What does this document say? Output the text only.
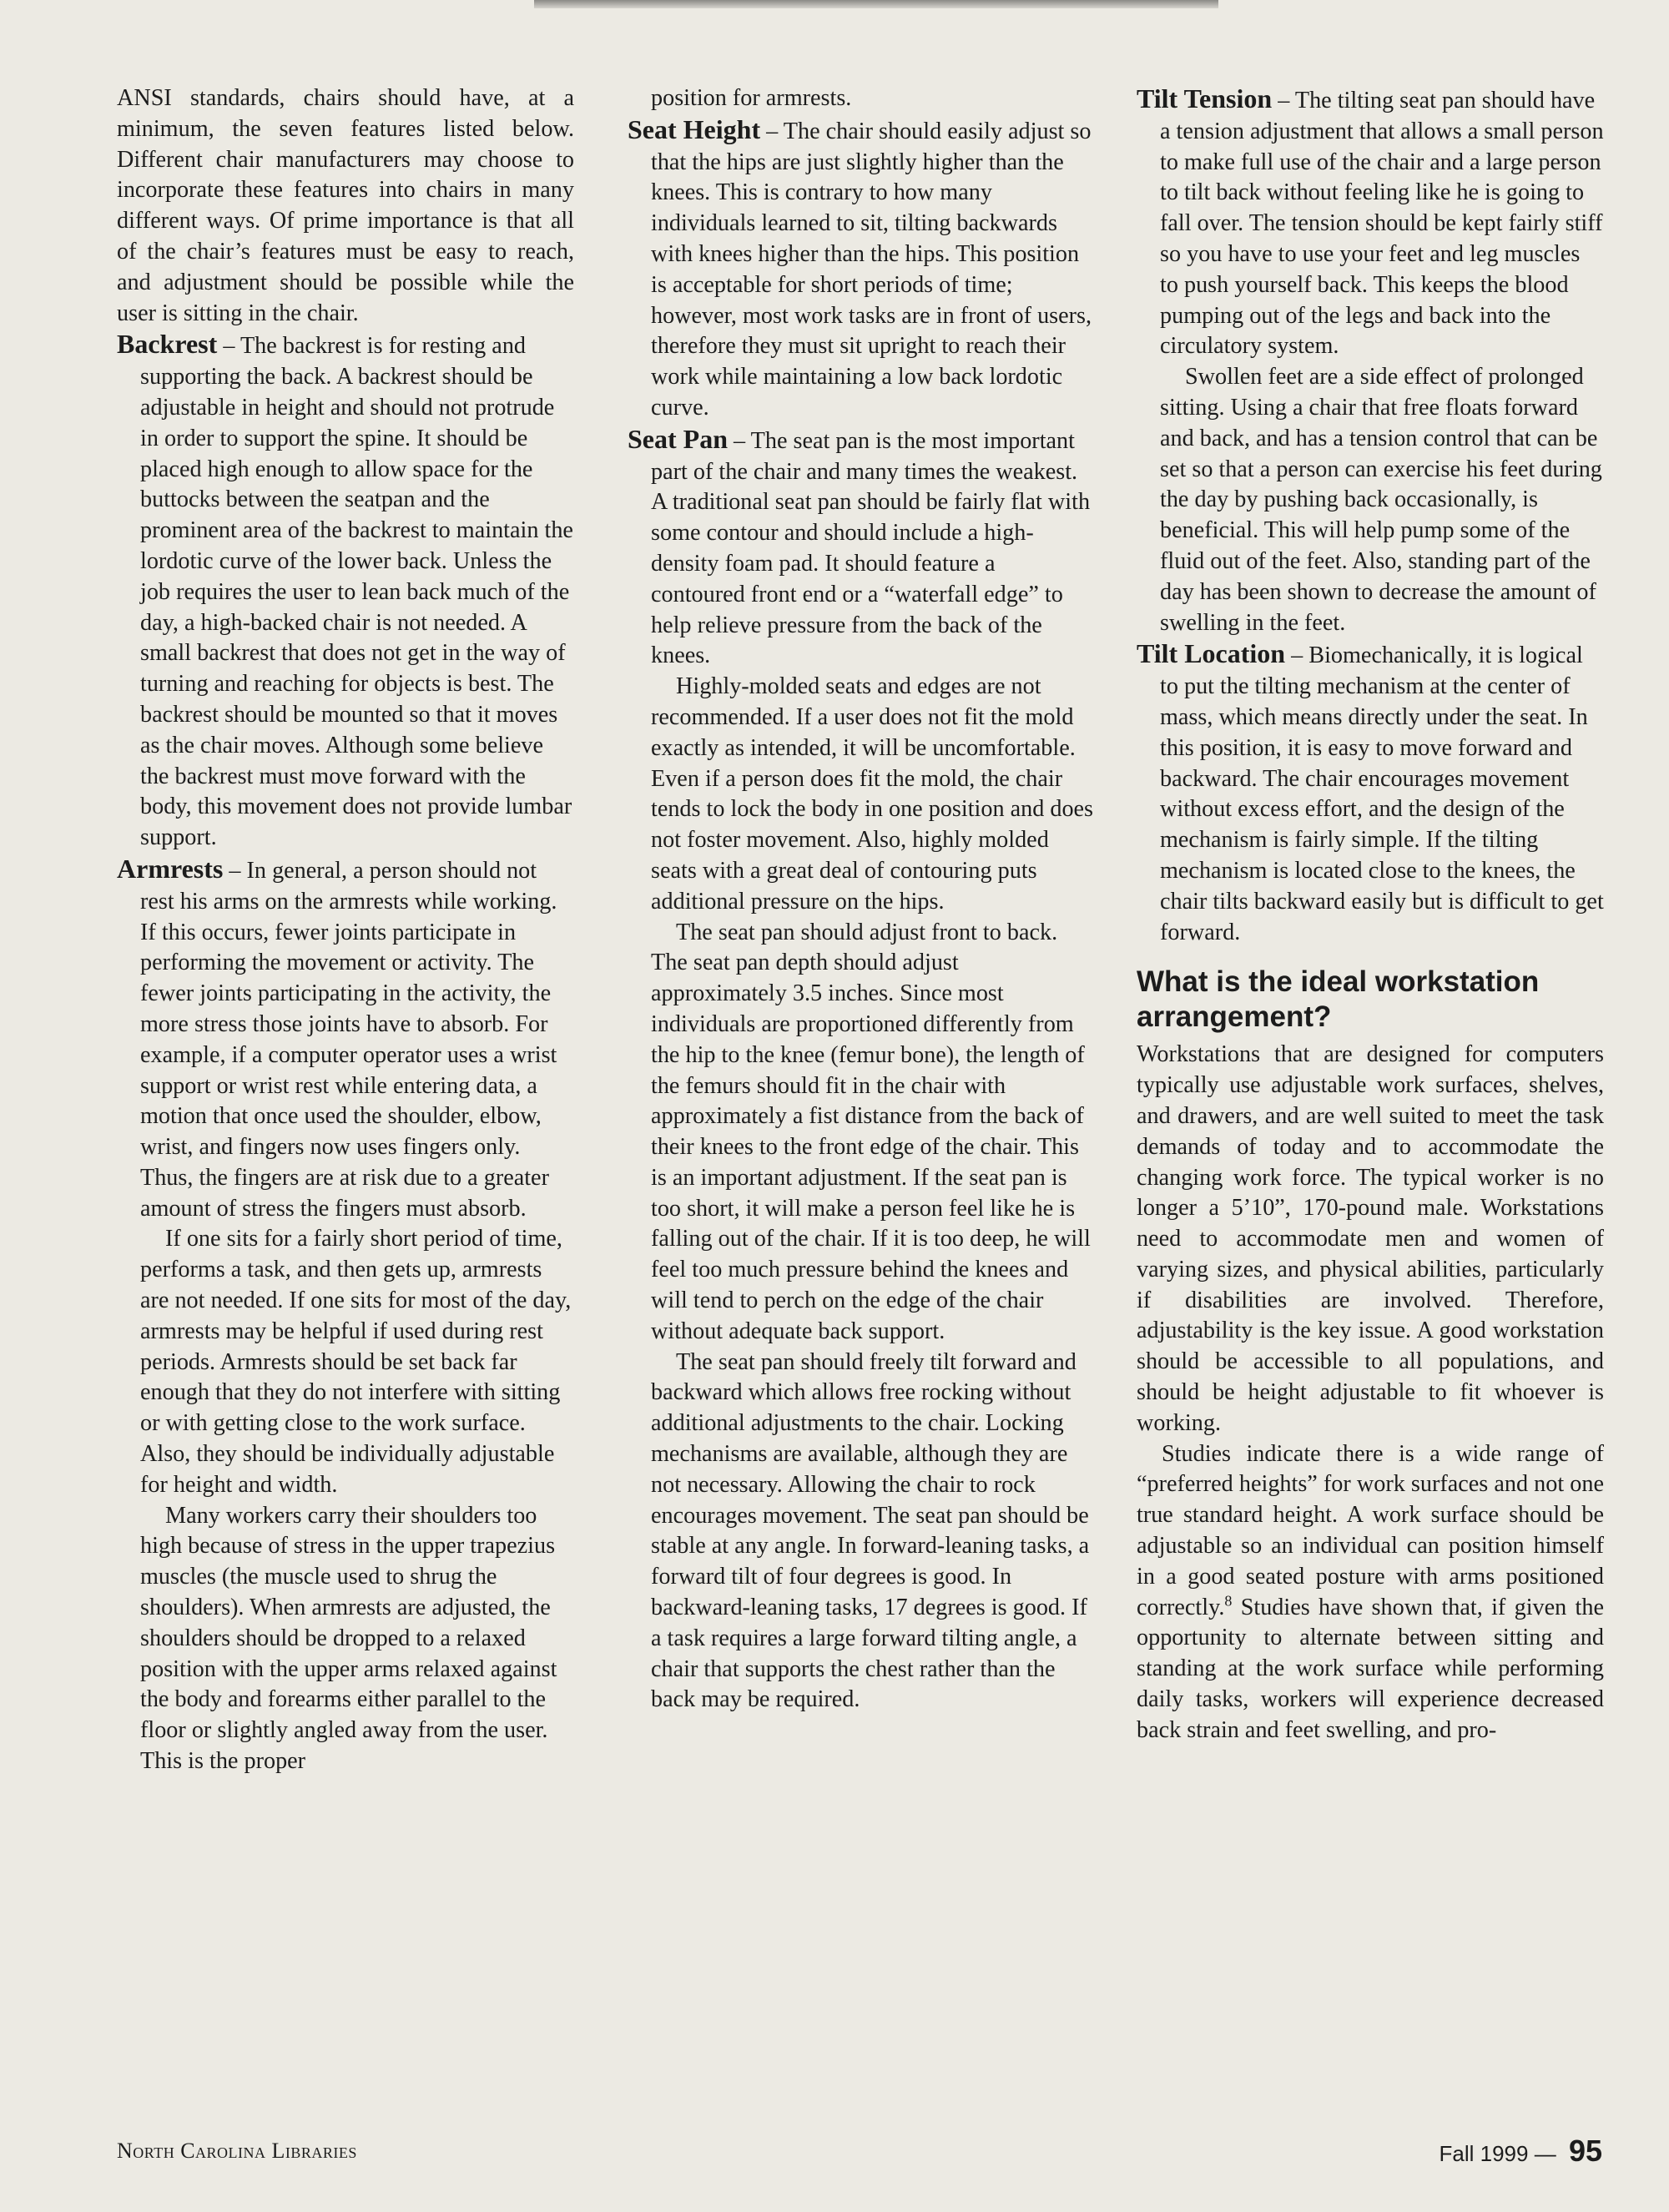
ANSI standards, chairs should have, at a minimum, the seven features listed below. Different chair manufacturers may choose to incorporate these features into chairs in many different ways. Of prime importance is that all of the chair’s features must be easy to reach, and adjustment should be possible while the user is sitting in the chair.

Backrest – The backrest is for resting and supporting the back. A backrest should be adjustable in height and should not protrude in order to support the spine. It should be placed high enough to allow space for the buttocks between the seatpan and the prominent area of the backrest to maintain the lordotic curve of the lower back. Unless the job requires the user to lean back much of the day, a high-backed chair is not needed. A small backrest that does not get in the way of turning and reaching for objects is best. The backrest should be mounted so that it moves as the chair moves. Although some believe the backrest must move forward with the body, this movement does not provide lumbar support.

Armrests – In general, a person should not rest his arms on the armrests while working. If this occurs, fewer joints participate in performing the movement or activity. The fewer joints participating in the activity, the more stress those joints have to absorb. For example, if a computer operator uses a wrist support or wrist rest while entering data, a motion that once used the shoulder, elbow, wrist, and fingers now uses fingers only. Thus, the fingers are at risk due to a greater amount of stress the fingers must absorb.

If one sits for a fairly short period of time, performs a task, and then gets up, armrests are not needed. If one sits for most of the day, armrests may be helpful if used during rest periods. Armrests should be set back far enough that they do not interfere with sitting or with getting close to the work surface. Also, they should be individually adjustable for height and width.

Many workers carry their shoulders too high because of stress in the upper trapezius muscles (the muscle used to shrug the shoulders). When armrests are adjusted, the shoulders should be dropped to a relaxed position with the upper arms relaxed against the body and forearms either parallel to the floor or slightly angled away from the user. This is the proper

position for armrests.

Seat Height – The chair should easily adjust so that the hips are just slightly higher than the knees. This is contrary to how many individuals learned to sit, tilting backwards with knees higher than the hips. This position is acceptable for short periods of time; however, most work tasks are in front of users, therefore they must sit upright to reach their work while maintaining a low back lordotic curve.

Seat Pan – The seat pan is the most important part of the chair and many times the weakest. A traditional seat pan should be fairly flat with some contour and should include a high-density foam pad. It should feature a contoured front end or a “waterfall edge” to help relieve pressure from the back of the knees.

Highly-molded seats and edges are not recommended. If a user does not fit the mold exactly as intended, it will be uncomfortable. Even if a person does fit the mold, the chair tends to lock the body in one position and does not foster movement. Also, highly molded seats with a great deal of contouring puts additional pressure on the hips.

The seat pan should adjust front to back. The seat pan depth should adjust approximately 3.5 inches. Since most individuals are proportioned differently from the hip to the knee (femur bone), the length of the femurs should fit in the chair with approximately a fist distance from the back of their knees to the front edge of the chair. This is an important adjustment. If the seat pan is too short, it will make a person feel like he is falling out of the chair. If it is too deep, he will feel too much pressure behind the knees and will tend to perch on the edge of the chair without adequate back support.

The seat pan should freely tilt forward and backward which allows free rocking without additional adjustments to the chair. Locking mechanisms are available, although they are not necessary. Allowing the chair to rock encourages movement. The seat pan should be stable at any angle. In forward-leaning tasks, a forward tilt of four degrees is good. In backward-leaning tasks, 17 degrees is good. If a task requires a large forward tilting angle, a chair that supports the chest rather than the back may be required.

Tilt Tension – The tilting seat pan should have a tension adjustment that allows a small person to make full use of the chair and a large person to tilt back without feeling like he is going to fall over. The tension should be kept fairly stiff so you have to use your feet and leg muscles to push yourself back. This keeps the blood pumping out of the legs and back into the circulatory system.

Swollen feet are a side effect of prolonged sitting. Using a chair that free floats forward and back, and has a tension control that can be set so that a person can exercise his feet during the day by pushing back occasionally, is beneficial. This will help pump some of the fluid out of the feet. Also, standing part of the day has been shown to decrease the amount of swelling in the feet.

Tilt Location – Biomechanically, it is logical to put the tilting mechanism at the center of mass, which means directly under the seat. In this position, it is easy to move forward and backward. The chair encourages movement without excess effort, and the design of the mechanism is fairly simple. If the tilting mechanism is located close to the knees, the chair tilts backward easily but is difficult to get forward.

What is the ideal workstation arrangement?

Workstations that are designed for computers typically use adjustable work surfaces, shelves, and drawers, and are well suited to meet the task demands of today and to accommodate the changing work force. The typical worker is no longer a 5’10”, 170-pound male. Workstations need to accommodate men and women of varying sizes, and physical abilities, particularly if disabilities are involved. Therefore, adjustability is the key issue. A good workstation should be accessible to all populations, and should be height adjustable to fit whoever is working.

Studies indicate there is a wide range of “preferred heights” for work surfaces and not one true standard height. A work surface should be adjustable so an individual can position himself in a good seated posture with arms positioned correctly.$^8$ Studies have shown that, if given the opportunity to alternate between sitting and standing at the work surface while performing daily tasks, workers will experience decreased back strain and feet swelling, and pro-

North Carolina Libraries	Fall 1999 — 95
